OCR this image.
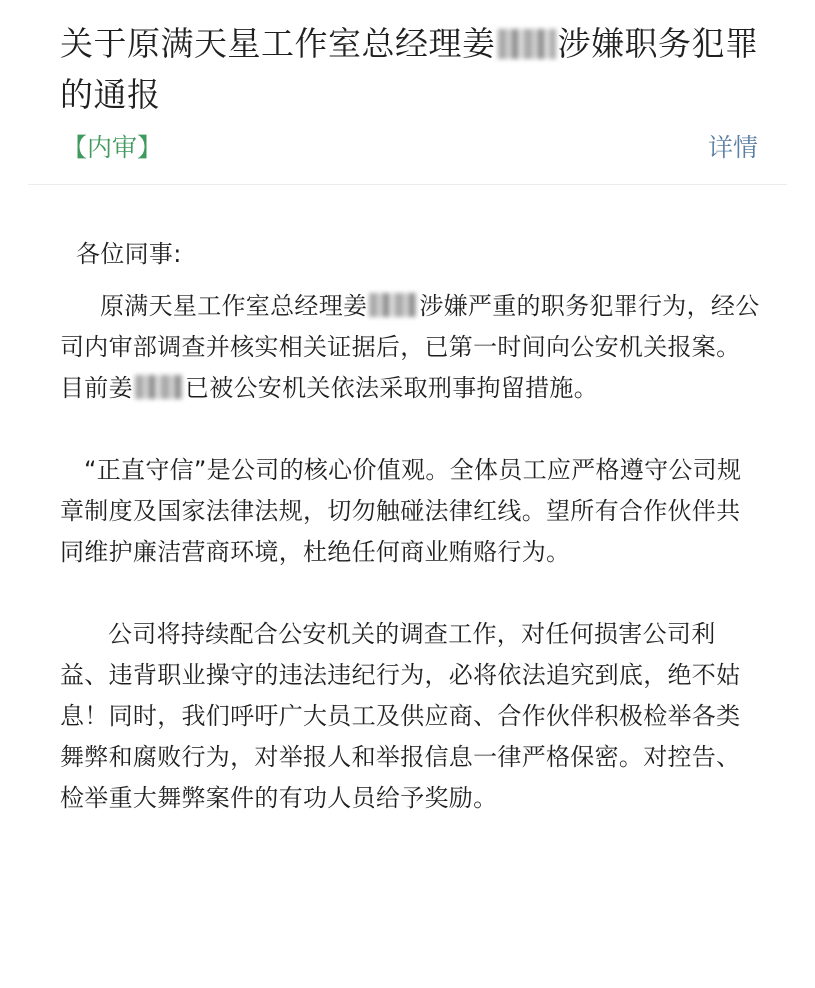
关于原满天星工作室总经理姜 涉嫌职务犯罪的通报
【内审】	详情

各位同事:

原满天星工作室总经理姜 涉嫌严重的职务犯罪行为，经公司内审部调查并核实相关证据后，已第一时间向公安机关报案。目前姜 已被公安机关依法采取刑事拘留措施。

“正直守信”是公司的核心价值观。全体员工应严格遵守公司规章制度及国家法律法规，切勿触碰法律红线。望所有合作伙伴共同维护廉洁营商环境，杜绝任何商业贿赂行为。

公司将持续配合公安机关的调查工作，对任何损害公司利益、违背职业操守的违法违纪行为，必将依法追究到底，绝不姑息！同时，我们呼吁广大员工及供应商、合作伙伴积极检举各类舞弊和腐败行为，对举报人和举报信息一律严格保密。对控告、检举重大舞弊案件的有功人员给予奖励。
